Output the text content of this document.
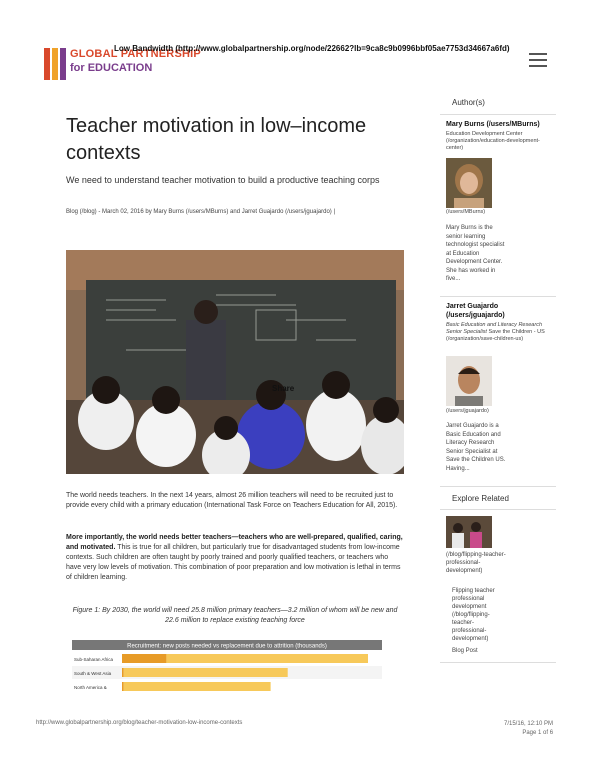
GLOBAL PARTNERSHIP
for EDUCATION
Low Bandwidth (http://www.globalpartnership.org/node/22662?lb=9ca8c9b0996bbf05ae7753d34667a6fd)
Teacher motivation in low–income contexts
We need to understand teacher motivation to build a productive teaching corps
Blog (/blog) - March 02, 2016 by Mary Burns (/users/MBurns) and Jarret Guajardo (/users/jguajardo) |
Share
The world needs teachers. In the next 14 years, almost 26 million teachers will need to be recruited just to provide every child with a primary education (International Task Force on Teachers Education for All, 2015).
More importantly, the world needs better teachers—teachers who are well-prepared, qualified, caring, and motivated. This is true for all children, but particularly true for disadvantaged students from low-income contexts. Such children are often taught by poorly trained and poorly qualified teachers, or teachers who have very low levels of motivation. This combination of poor preparation and low motivation is lethal in terms of children learning.
Figure 1: By 2030, the world will need 25.8 million primary teachers—3.2 million of whom will be new and 22.6 million to replace existing teaching force
Recruitment: new posts needed vs replacement due to attrition (thousands)
Sub-Saharan Africa
South & West Asia
North America &
Author(s)
Mary Burns (/users/MBurns)
Education Development Center (/organization/education-development-center)
(/users/MBurns)
Mary Burns is the senior learning technologist specialist at Education Development Center. She has worked in five...
Jarret Guajardo (/users/jguajardo)
Basic Education and Literacy Research Senior Specialist Save the Children - US (/organization/save-children-us)
(/users/jguajardo)
Jarret Guajardo is a Basic Education and Literacy Research Senior Specialist at Save the Children US. Having...
Explore Related
(/blog/flipping-teacher-professional-development)
Flipping teacher professional development (/blog/flipping-teacher-professional-development)
Blog Post
http://www.globalpartnership.org/blog/teacher-motivation-low-income-contexts	7/15/16, 12:10 PM
Page 1 of 6
